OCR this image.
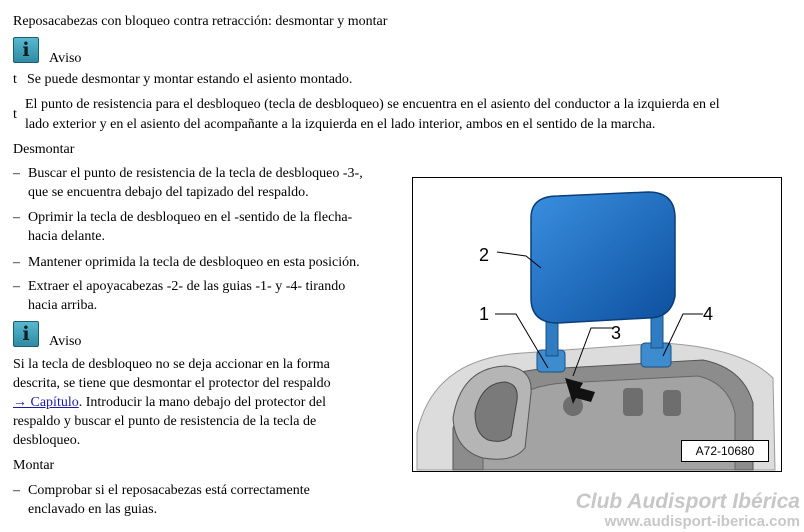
Reposacabezas con bloqueo contra retracción: desmontar y montar
i	Aviso
t Se puede desmontar y montar estando el asiento montado.
t
El punto de resistencia para el desbloqueo (tecla de desbloqueo) se encuentra en el asiento del conductor a la izquierda en el
lado exterior y en el asiento del acompañante a la izquierda en el lado interior, ambos en el sentido de la marcha.
Desmontar
– Buscar el punto de resistencia de la tecla de desbloqueo -3-,
que se encuentra debajo del tapizado del respaldo.
– Oprimir la tecla de desbloqueo en el -sentido de la flecha-
hacia delante.
– Mantener oprimida la tecla de desbloqueo en esta posición.
– Extraer el apoyacabezas -2- de las guias -1- y -4- tirando
hacia arriba.
i	Aviso
Si la tecla de desbloqueo no se deja accionar en la forma
descrita, se tiene que desmontar el protector del respaldo
→ Capítulo. Introducir la mano debajo del protector del
respaldo y buscar el punto de resistencia de la tecla de
desbloqueo.
Montar
– Comprobar si el reposacabezas está correctamente
enclavado en las guias.
2
1
3
4
A72-10680
Club Audisport Ibérica
www.audisport-iberica.com
